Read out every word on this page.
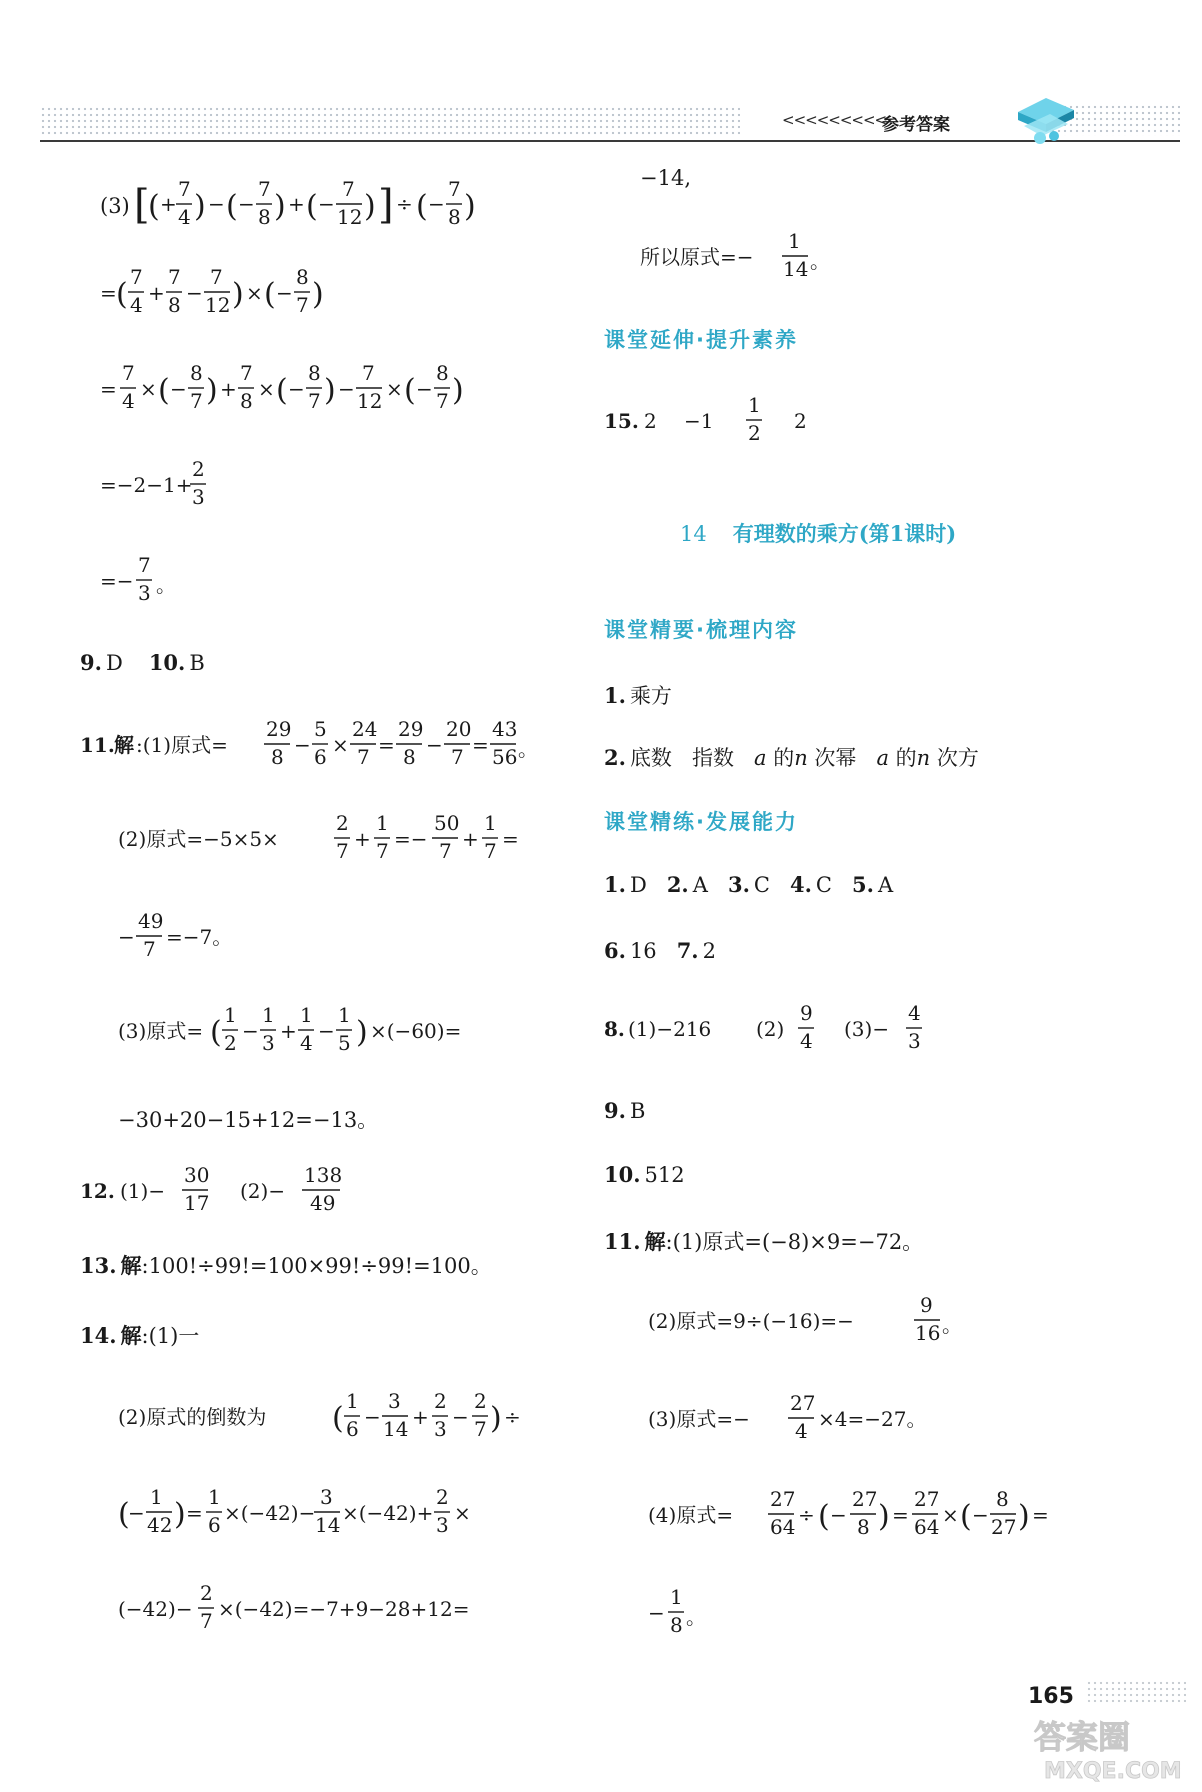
<<<<<<<<<
参考答案
(3) [
( +
7
4 ) − ( −
7
8 ) + ( −
7
12 ) ] ÷ ( −
7
8 )
= ( 7
4 +
7
8 −
7
12 ) × ( −
8
7 )
=
7
4 × ( −
8
7 ) +
7
8 × ( −
8
7 ) −
7
12 × ( −
8
7 )
=−2−1+
2
3
=−
7
3 。
9. D 10. B
11. 解 :(1)原式=
29
8 −
5
6 ×
24
7 =
29
8 −
20
7 =
43
56 。
(2)原式=−5×5×
2
7 +
1
7 =−
50
7 +
1
7 =
−
49
7 =−7。
(3)原式= ( 1
2 −
1
3 +
1
4 −
1
5 ) ×(−60)=
−30+20−15+12=−13。
12. (1)−
30
17 (2)−
138
49
13. 解 :100!÷99!=100×99!÷99!=100。
14. 解 :(1)一
(2)原式的倒数为 ( 1
6 −
3
14 +
2
3 −
2
7 ) ÷
(
−
1
42 ) =
1
6 ×(−42)−
3
14 ×(−42)+
2
3 ×
(−42)−
2
7 ×(−42)=−7+9−28+12=
−14,
所以原式=−
1
14 。
课堂延伸·提升素养
15. 2 −1
1
2 2
14 有理数的乘方(第1课时)
课堂精要·梳理内容
1. 乘方
2. 底数   指数   a 的n 次幂   a 的n 次方
课堂精练·发展能力
1. D 2. A 3. C 4. C 5. A
6. 16 7. 2
8. (1)−216 (2)
9
4 (3)−
4
3
9. B
10. 512
11. 解 :(1)原式=(−8)×9=−72。
(2)原式=9÷(−16)=−
9
16 。
(3)原式=−
27
4 ×4=−27。
(4)原式=
27
64 ÷ ( −
27
8 ) =
27
64 × ( −
8
27 ) =
−
1
8 。
165
答案圈
MXQE.COM
